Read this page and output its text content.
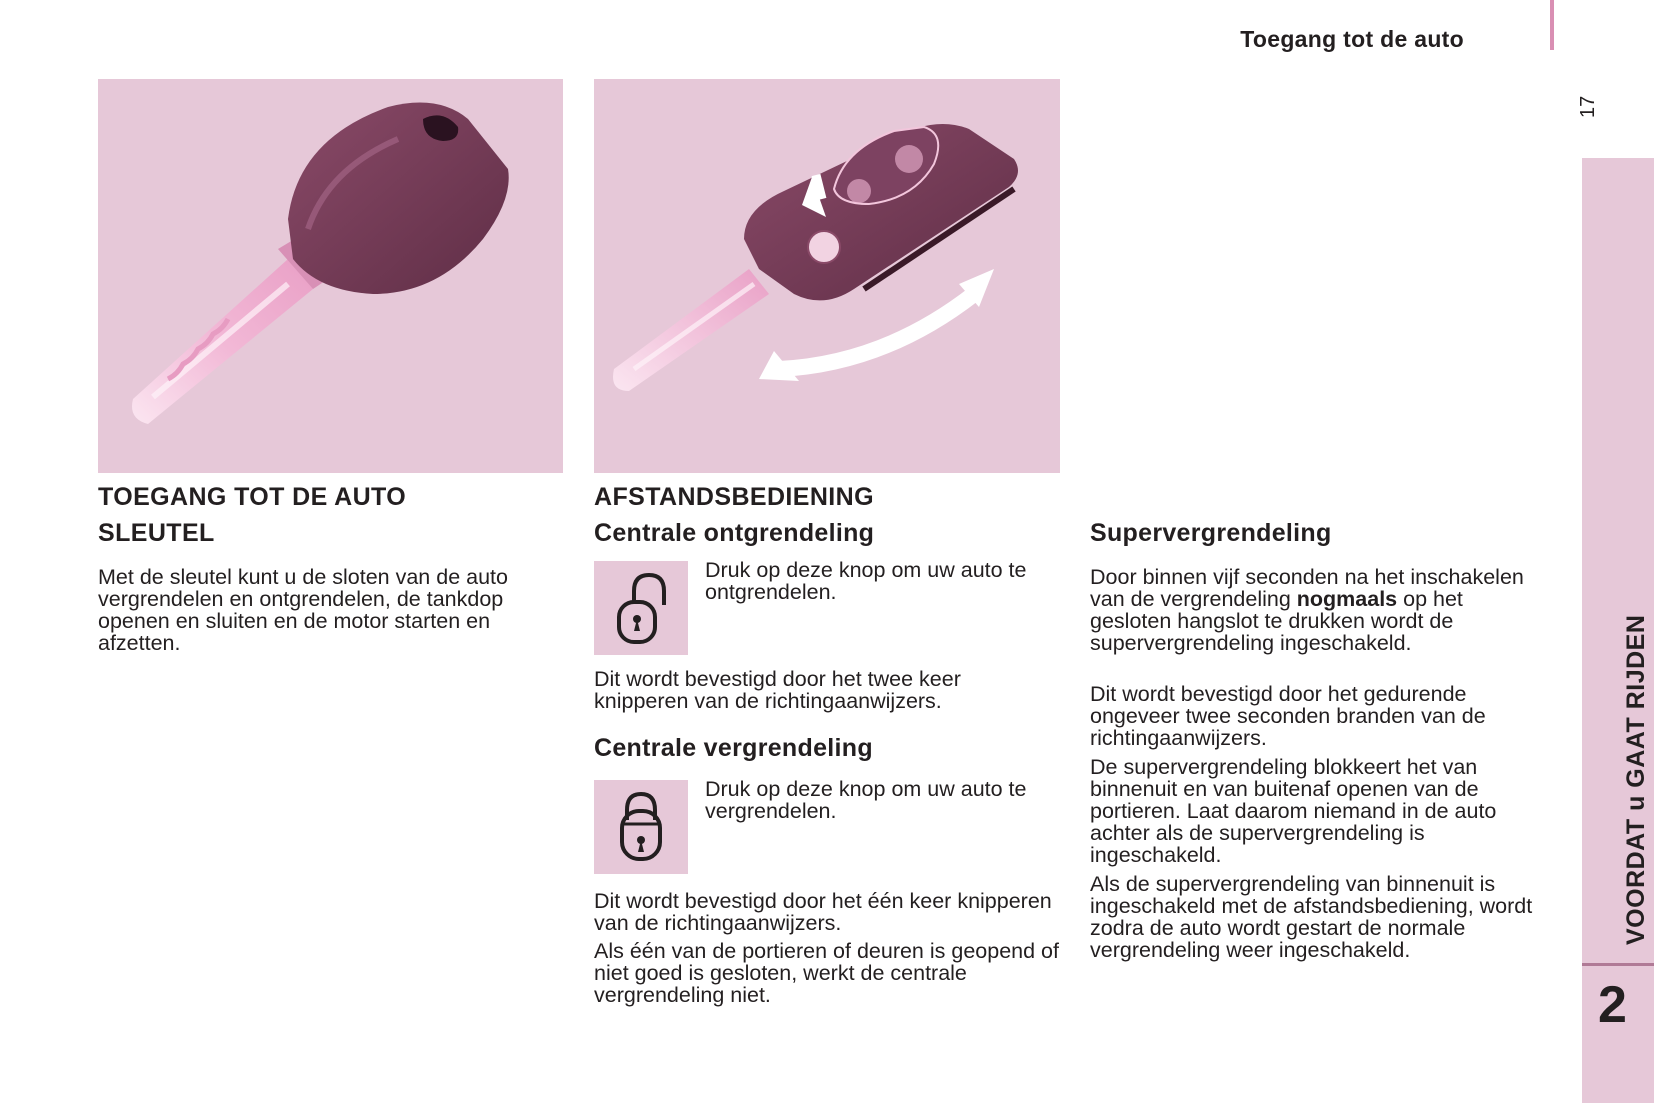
Toegang tot de auto
17
VOORDAT u GAAT RIJDEN
2
TOEGANG TOT DE AUTO
SLEUTEL
Met de sleutel kunt u de sloten van de auto vergrendelen en ontgrendelen, de tankdop openen en sluiten en de motor starten en afzetten.
AFSTANDSBEDIENING
Centrale ontgrendeling
Druk op deze knop om uw auto te ontgrendelen.
Dit wordt bevestigd door het twee keer knipperen van de richtingaanwijzers.
Centrale vergrendeling
Druk op deze knop om uw auto te vergrendelen.
Dit wordt bevestigd door het één keer knipperen van de richtingaanwijzers.
Als één van de portieren of deuren is geopend of niet goed is gesloten, werkt de centrale vergrendeling niet.
Supervergrendeling
Door binnen vijf seconden na het inschakelen van de vergrendeling nogmaals op het gesloten hangslot te drukken wordt de supervergrendeling ingeschakeld.
Dit wordt bevestigd door het gedurende ongeveer twee seconden branden van de richtingaanwijzers.
De supervergrendeling blokkeert het van binnenuit en van buitenaf openen van de portieren. Laat daarom niemand in de auto achter als de supervergrendeling is ingeschakeld.
Als de supervergrendeling van binnenuit is ingeschakeld met de afstandsbediening, wordt zodra de auto wordt gestart de normale vergrendeling weer ingeschakeld.
